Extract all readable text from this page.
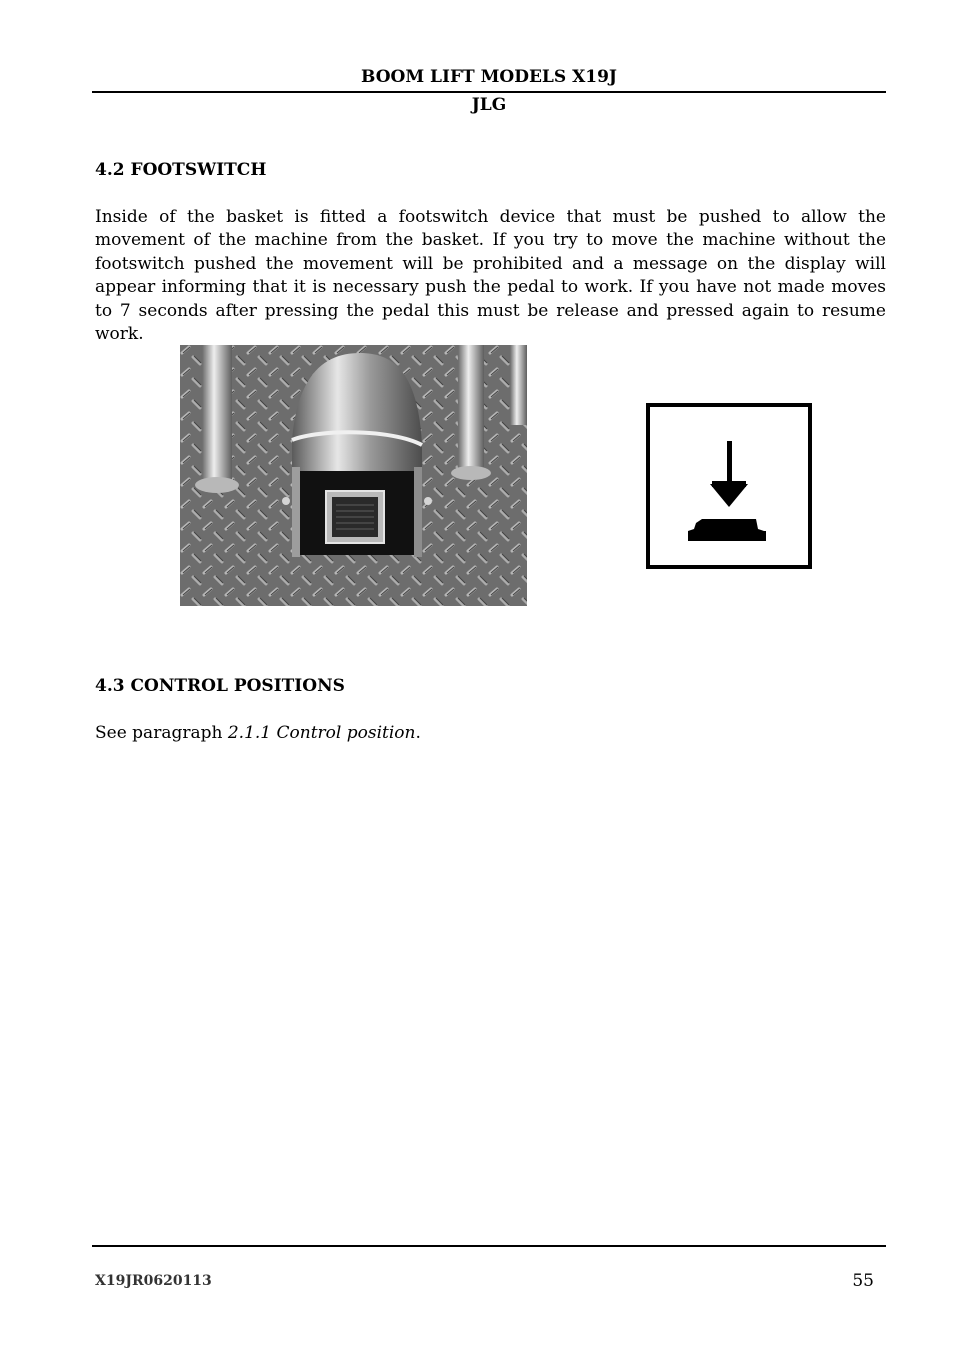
BOOM LIFT MODELS X19J
JLG
4.2 FOOTSWITCH

Inside of the basket is fitted a footswitch device that must be pushed to allow the movement of the machine from the basket. If you try to move the machine without the footswitch pushed the movement will be prohibited and a message on the display will appear informing that it is necessary push the pedal to work. If you have not made moves to 7 seconds after pressing the pedal this must be release and pressed again to resume work.

4.3 CONTROL POSITIONS
See paragraph 2.1.1 Control position.
X19JR0620113	55
